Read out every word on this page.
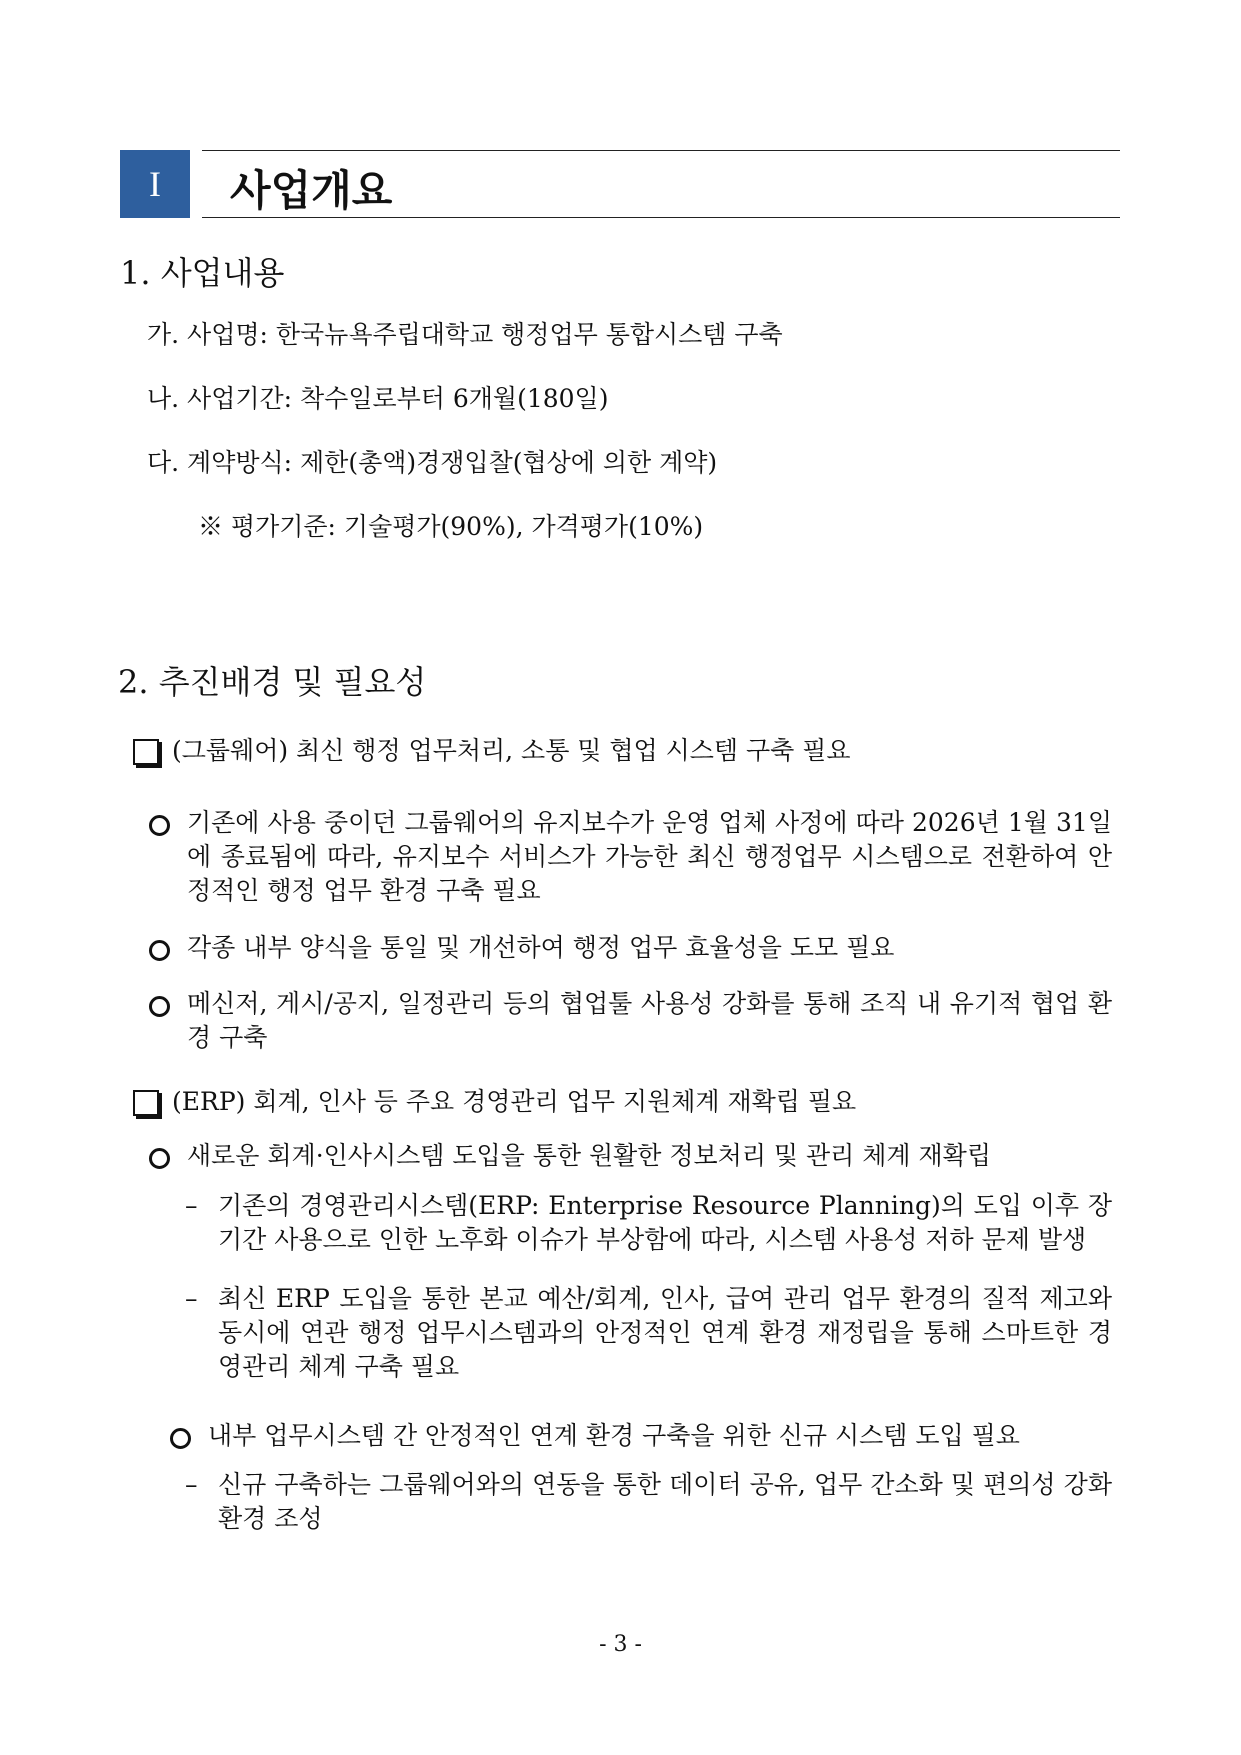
I	사업개요
1. 사업내용
가. 사업명: 한국뉴욕주립대학교 행정업무 통합시스템 구축
나. 사업기간: 착수일로부터 6개월(180일)
다. 계약방식: 제한(총액)경쟁입찰(협상에 의한 계약)
※ 평가기준: 기술평가(90%), 가격평가(10%)
2. 추진배경 및 필요성
(그룹웨어) 최신 행정 업무처리, 소통 및 협업 시스템 구축 필요
기존에 사용 중이던 그룹웨어의 유지보수가 운영 업체 사정에 따라 2026년 1월 31일에 종료됨에 따라, 유지보수 서비스가 가능한 최신 행정업무 시스템으로 전환하여 안정적인 행정 업무 환경 구축 필요
각종 내부 양식을 통일 및 개선하여 행정 업무 효율성을 도모 필요
메신저, 게시/공지, 일정관리 등의 협업툴 사용성 강화를 통해 조직 내 유기적 협업 환경 구축
(ERP) 회계, 인사 등 주요 경영관리 업무 지원체계 재확립 필요
새로운 회계·인사시스템 도입을 통한 원활한 정보처리 및 관리 체계 재확립
– 기존의 경영관리시스템(ERP: Enterprise Resource Planning)의 도입 이후 장기간 사용으로 인한 노후화 이슈가 부상함에 따라, 시스템 사용성 저하 문제 발생
– 최신 ERP 도입을 통한 본교 예산/회계, 인사, 급여 관리 업무 환경의 질적 제고와 동시에 연관 행정 업무시스템과의 안정적인 연계 환경 재정립을 통해 스마트한 경영관리 체계 구축 필요
내부 업무시스템 간 안정적인 연계 환경 구축을 위한 신규 시스템 도입 필요
– 신규 구축하는 그룹웨어와의 연동을 통한 데이터 공유, 업무 간소화 및 편의성 강화 환경 조성
- 3 -
